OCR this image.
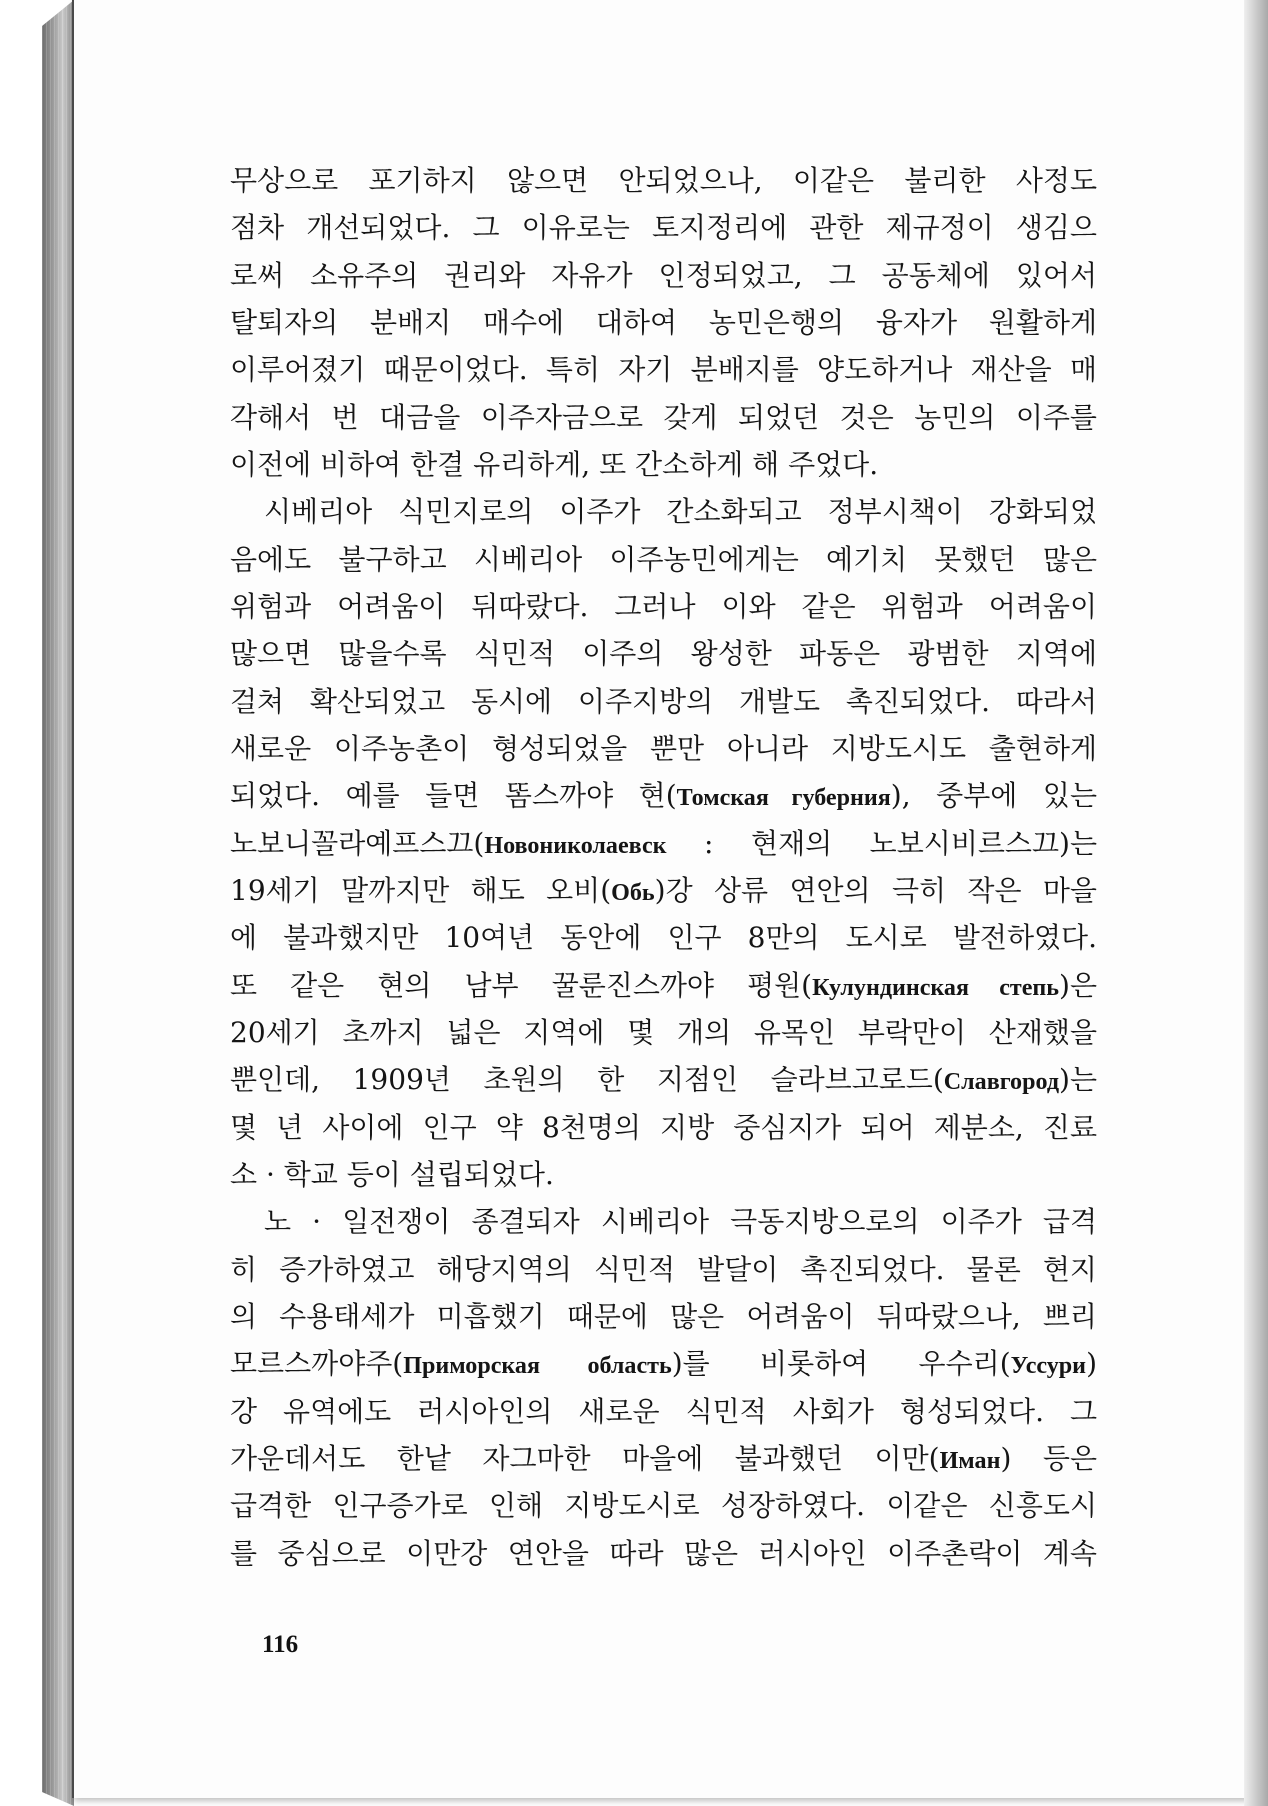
무상으로 포기하지 않으면 안되었으나, 이같은 불리한 사정도
점차 개선되었다. 그 이유로는 토지정리에 관한 제규정이 생김으
로써 소유주의 권리와 자유가 인정되었고, 그 공동체에 있어서
탈퇴자의 분배지 매수에 대하여 농민은행의 융자가 원활하게
이루어졌기 때문이었다. 특히 자기 분배지를 양도하거나 재산을 매
각해서 번 대금을 이주자금으로 갖게 되었던 것은 농민의 이주를
이전에 비하여 한결 유리하게, 또 간소하게 해 주었다.
시베리아 식민지로의 이주가 간소화되고 정부시책이 강화되었
음에도 불구하고 시베리아 이주농민에게는 예기치 못했던 많은
위험과 어려움이 뒤따랐다. 그러나 이와 같은 위험과 어려움이
많으면 많을수록 식민적 이주의 왕성한 파동은 광범한 지역에
걸쳐 확산되었고 동시에 이주지방의 개발도 촉진되었다. 따라서
새로운 이주농촌이 형성되었을 뿐만 아니라 지방도시도 출현하게
되었다. 예를 들면 똠스까야 현(Томская губерния), 중부에 있는
노보니꼴라예프스끄(Новониколаевск : 현재의 노보시비르스끄)는
19세기 말까지만 해도 오비(Обь)강 상류 연안의 극히 작은 마을
에 불과했지만 10여년 동안에 인구 8만의 도시로 발전하였다.
또 같은 현의 남부 꿀룬진스까야 평원(Кулундинская степь)은
20세기 초까지 넓은 지역에 몇 개의 유목인 부락만이 산재했을
뿐인데, 1909년 초원의 한 지점인 슬라브고로드(Славгород)는
몇 년 사이에 인구 약 8천명의 지방 중심지가 되어 제분소, 진료
소 · 학교 등이 설립되었다.
노 · 일전쟁이 종결되자 시베리아 극동지방으로의 이주가 급격
히 증가하였고 해당지역의 식민적 발달이 촉진되었다. 물론 현지
의 수용태세가 미흡했기 때문에 많은 어려움이 뒤따랐으나, 쁘리
모르스까야주(Приморская область)를 비롯하여 우수리(Уссури)
강 유역에도 러시아인의 새로운 식민적 사회가 형성되었다. 그
가운데서도 한낱 자그마한 마을에 불과했던 이만(Иман) 등은
급격한 인구증가로 인해 지방도시로 성장하였다. 이같은 신흥도시
를 중심으로 이만강 연안을 따라 많은 러시아인 이주촌락이 계속
116
